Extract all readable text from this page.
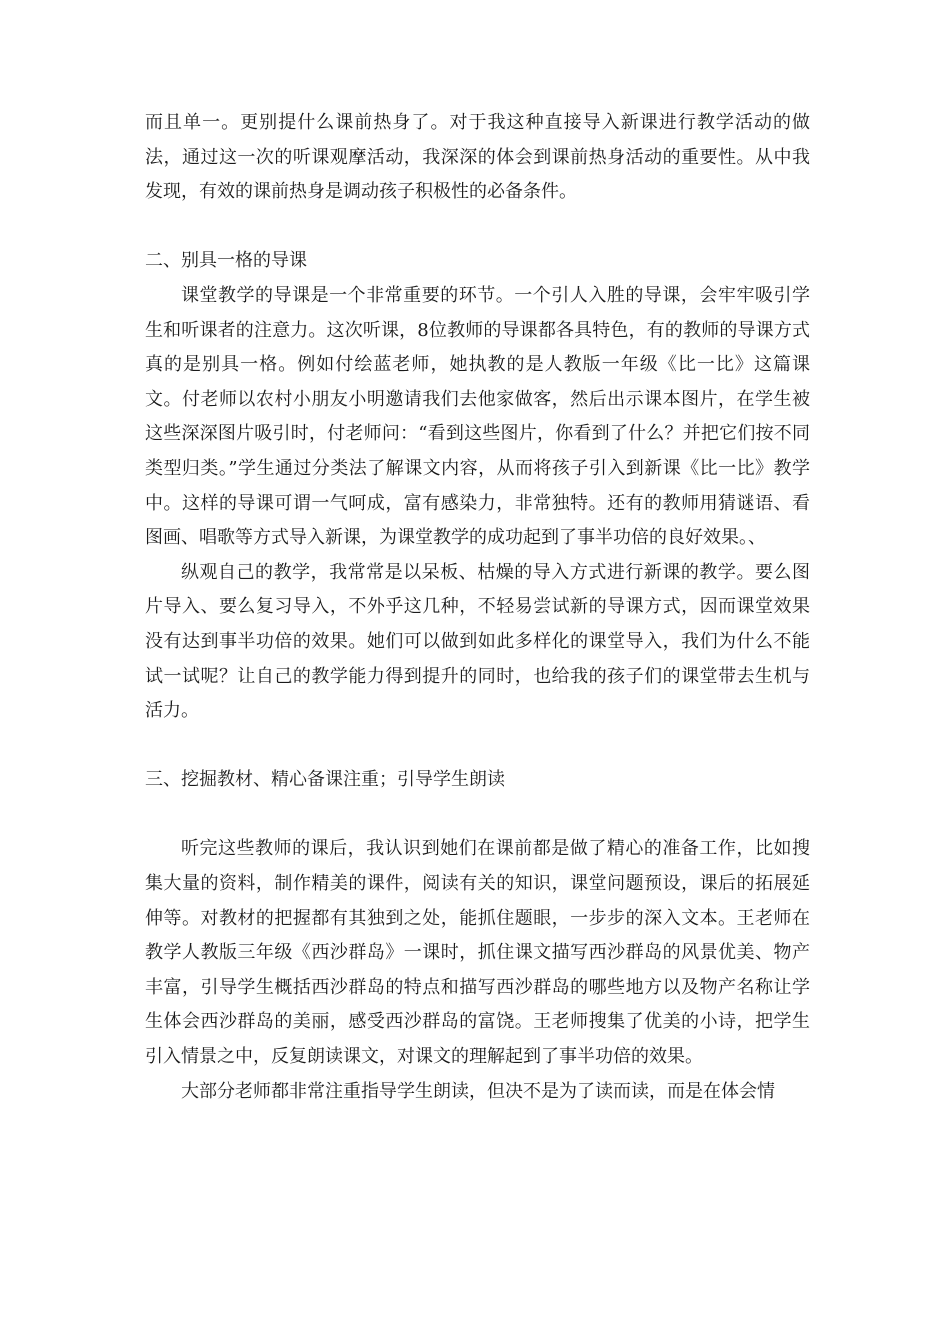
而且单一。更别提什么课前热身了。对于我这种直接导入新课进行教学活动的做法，通过这一次的听课观摩活动，我深深的体会到课前热身活动的重要性。从中我发现，有效的课前热身是调动孩子积极性的必备条件。

二、别具一格的导课

课堂教学的导课是一个非常重要的环节。一个引人入胜的导课，会牢牢吸引学生和听课者的注意力。这次听课，8位教师的导课都各具特色，有的教师的导课方式真的是别具一格。例如付绘蓝老师，她执教的是人教版一年级《比一比》这篇课文。付老师以农村小朋友小明邀请我们去他家做客，然后出示课本图片，在学生被这些深深图片吸引时，付老师问：“看到这些图片，你看到了什么？并把它们按不同类型归类。”学生通过分类法了解课文内容，从而将孩子引入到新课《比一比》教学中。这样的导课可谓一气呵成，富有感染力，非常独特。还有的教师用猜谜语、看图画、唱歌等方式导入新课，为课堂教学的成功起到了事半功倍的良好效果。、

纵观自己的教学，我常常是以呆板、枯燥的导入方式进行新课的教学。要么图片导入、要么复习导入，不外乎这几种，不轻易尝试新的导课方式，因而课堂效果没有达到事半功倍的效果。她们可以做到如此多样化的课堂导入，我们为什么不能试一试呢？让自己的教学能力得到提升的同时，也给我的孩子们的课堂带去生机与活力。

三、挖掘教材、精心备课注重；引导学生朗读

听完这些教师的课后，我认识到她们在课前都是做了精心的准备工作，比如搜集大量的资料，制作精美的课件，阅读有关的知识，课堂问题预设，课后的拓展延伸等。对教材的把握都有其独到之处，能抓住题眼，一步步的深入文本。王老师在教学人教版三年级《西沙群岛》一课时，抓住课文描写西沙群岛的风景优美、物产丰富，引导学生概括西沙群岛的特点和描写西沙群岛的哪些地方以及物产名称让学生体会西沙群岛的美丽，感受西沙群岛的富饶。王老师搜集了优美的小诗，把学生引入情景之中，反复朗读课文，对课文的理解起到了事半功倍的效果。

大部分老师都非常注重指导学生朗读，但决不是为了读而读，而是在体会情
